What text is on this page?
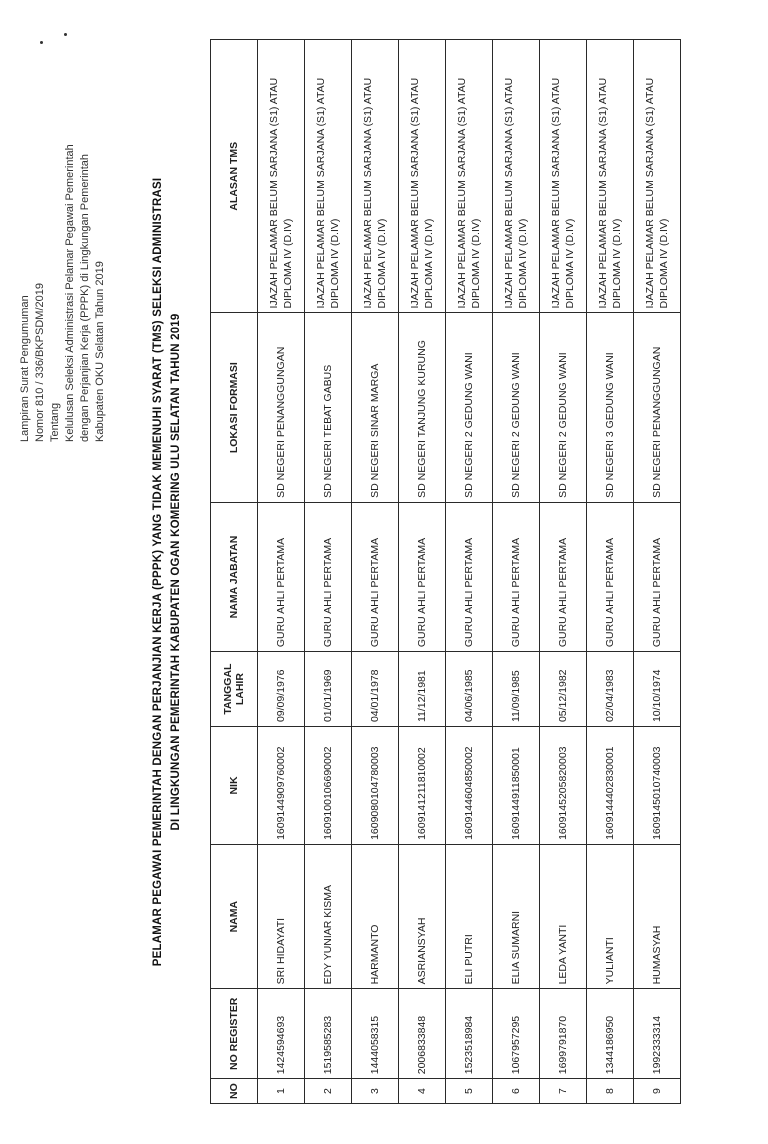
Lampiran Surat Pengumuman Nomor 810 / 336/BKPSDM/2019 Tentang Kelulusan Seleksi Administrasi Pelamar Pegawai Pemerintah dengan Perjanjian Kerja (PPPK) di Lingkungan Pemerintah Kabupaten OKU Selatan Tahun 2019	PELAMAR PEGAWAI PEMERINTAH DENGAN PERJANJIAN KERJA (PPPK) YANG TIDAK MEMENUHI SYARAT (TMS) SELEKSI ADMINISTRASI DI LINGKUNGAN PEMERINTAH KABUPATEN OGAN KOMERING ULU SELATAN TAHUN 2019
NO	NO REGISTER	NAMA	NIK	TANGGAL LAHIR	NAMA JABATAN	LOKASI FORMASI	ALASAN TMS
1	1424594693	SRI HIDAYATI	1609144909760002	09/09/1976	GURU AHLI PERTAMA	SD NEGERI PENANGGUNGAN	IJAZAH PELAMAR BELUM SARJANA (S1) ATAU DIPLOMA IV (D.IV)
2	1519585283	EDY YUNIAR KISMA	1609100106690002	01/01/1969	GURU AHLI PERTAMA	SD NEGERI TEBAT GABUS	IJAZAH PELAMAR BELUM SARJANA (S1) ATAU DIPLOMA IV (D.IV)
3	1444058315	HARMANTO	1609080104780003	04/01/1978	GURU AHLI PERTAMA	SD NEGERI SINAR MARGA	IJAZAH PELAMAR BELUM SARJANA (S1) ATAU DIPLOMA IV (D.IV)
4	2006833848	ASRIANSYAH	1609141211810002	11/12/1981	GURU AHLI PERTAMA	SD NEGERI TANJUNG KURUNG	IJAZAH PELAMAR BELUM SARJANA (S1) ATAU DIPLOMA IV (D.IV)
5	1523518984	ELI PUTRI	1609144604850002	04/06/1985	GURU AHLI PERTAMA	SD NEGERI 2 GEDUNG WANI	IJAZAH PELAMAR BELUM SARJANA (S1) ATAU DIPLOMA IV (D.IV)
6	1067957295	ELIA SUMARNI	1609144911850001	11/09/1985	GURU AHLI PERTAMA	SD NEGERI 2 GEDUNG WANI	IJAZAH PELAMAR BELUM SARJANA (S1) ATAU DIPLOMA IV (D.IV)
7	1699791870	LEDA YANTI	1609145205820003	05/12/1982	GURU AHLI PERTAMA	SD NEGERI 2 GEDUNG WANI	IJAZAH PELAMAR BELUM SARJANA (S1) ATAU DIPLOMA IV (D.IV)
8	1344186950	YULIANTI	1609144402830001	02/04/1983	GURU AHLI PERTAMA	SD NEGERI 3 GEDUNG WANI	IJAZAH PELAMAR BELUM SARJANA (S1) ATAU DIPLOMA IV (D.IV)
9	1992333314	HUMASYAH	1609145010740003	10/10/1974	GURU AHLI PERTAMA	SD NEGERI PENANGGUNGAN	IJAZAH PELAMAR BELUM SARJANA (S1) ATAU DIPLOMA IV (D.IV)
